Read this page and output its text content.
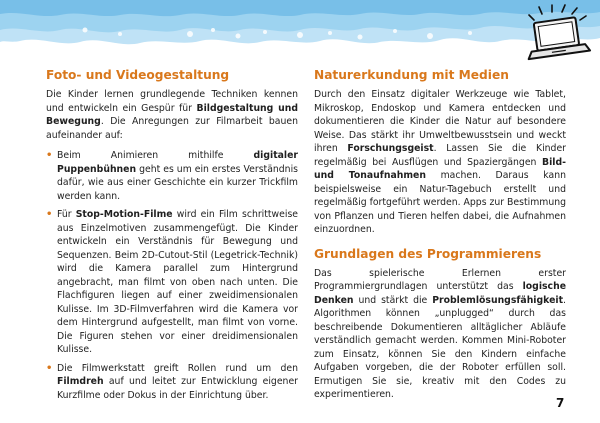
Foto- und Videogestaltung

Die Kinder lernen grundlegende Techniken kennen und entwickeln ein Gespür für Bildgestaltung und Bewegung. Die Anregungen zur Filmarbeit bauen aufeinander auf:

• Beim Animieren mithilfe digitaler Puppenbühnen geht es um ein erstes Verständnis dafür, wie aus einer Geschichte ein kurzer Trickfilm werden kann.
• Für Stop-Motion-Filme wird ein Film schrittweise aus Einzelmotiven zusammengefügt. Die Kinder entwickeln ein Verständnis für Bewegung und Sequenzen. Beim 2D-Cutout-Stil (Legetrick-Technik) wird die Kamera parallel zum Hintergrund angebracht, man filmt von oben nach unten. Die Flachfiguren liegen auf einer zweidimensionalen Kulisse. Im 3D-Filmverfahren wird die Kamera vor dem Hintergrund aufgestellt, man filmt von vorne. Die Figuren stehen vor einer dreidimensionalen Kulisse.
• Die Filmwerkstatt greift Rollen rund um den Filmdreh auf und leitet zur Entwicklung eigener Kurzfilme oder Dokus in der Einrichtung über.
Naturerkundung mit Medien

Durch den Einsatz digitaler Werkzeuge wie Tablet, Mikroskop, Endoskop und Kamera entdecken und dokumentieren die Kinder die Natur auf besondere Weise. Das stärkt ihr Umweltbewusstsein und weckt ihren Forschungsgeist. Lassen Sie die Kinder regelmäßig bei Ausflügen und Spaziergängen Bild- und Tonaufnahmen machen. Daraus kann beispielsweise ein Natur-Tagebuch erstellt und regelmäßig fortgeführt werden. Apps zur Bestimmung von Pflanzen und Tieren helfen dabei, die Aufnahmen einzuordnen.

Grundlagen des Programmierens

Das spielerische Erlernen erster Programmiergrundlagen unterstützt das logische Denken und stärkt die Problemlösungsfähigkeit. Algorithmen können „unplugged“ durch das beschreibende Dokumentieren alltäglicher Abläufe verständlich gemacht werden. Kommen Mini-Roboter zum Einsatz, können Sie den Kindern einfache Aufgaben vorgeben, die der Roboter erfüllen soll. Ermutigen Sie sie, kreativ mit den Codes zu experimentieren.

7
